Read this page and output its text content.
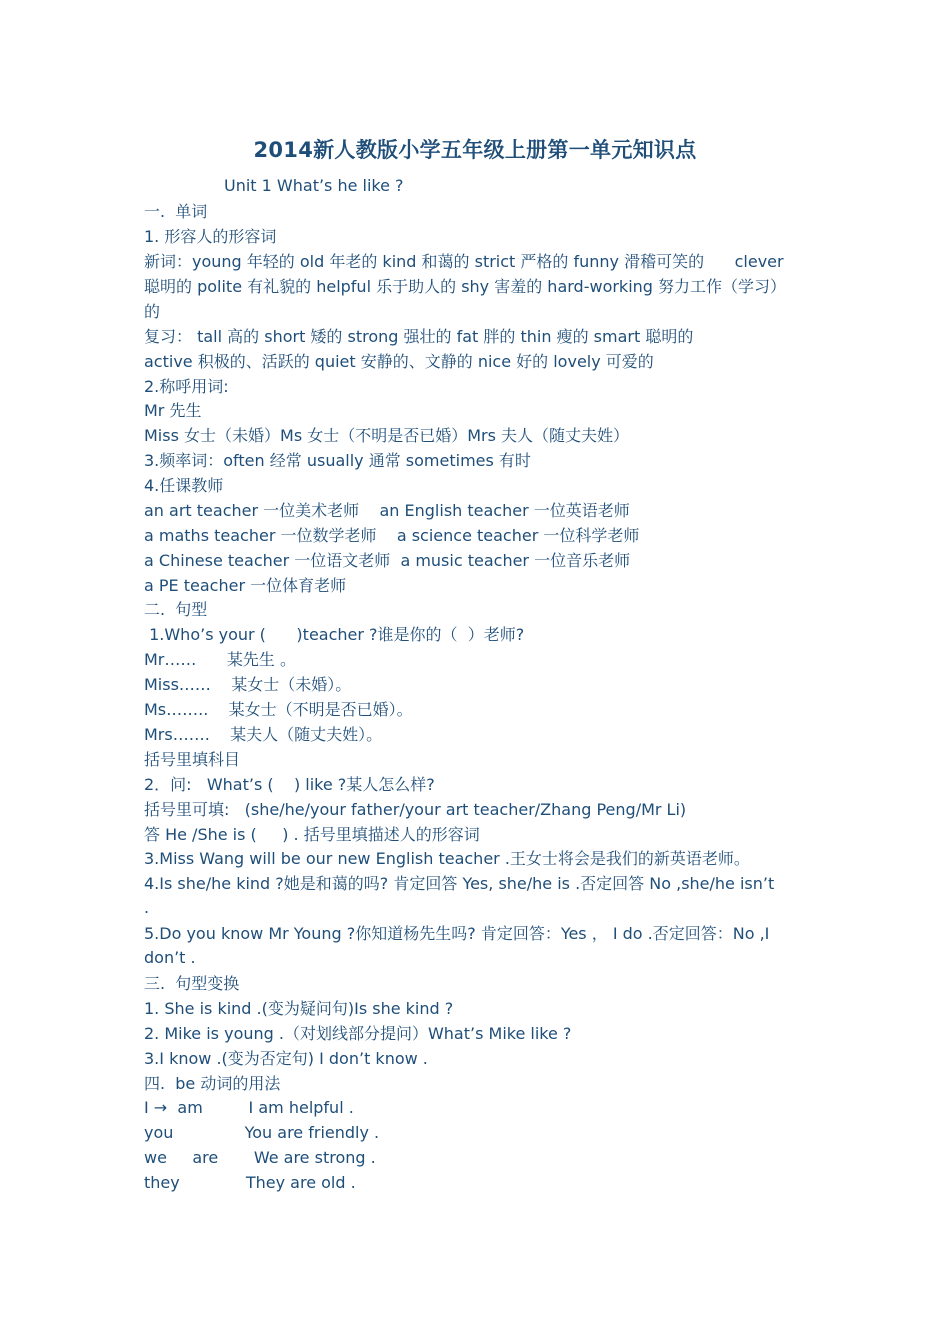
2014新人教版小学五年级上册第一单元知识点
Unit 1 What’s he like ?
一.  单词
1. 形容人的形容词
新词：young 年轻的 old 年老的 kind 和蔼的 strict 严格的 funny 滑稽可笑的      clever
聪明的 polite 有礼貌的 helpful 乐于助人的 shy 害羞的 hard-working 努力工作（学习）
的
复习： tall 高的 short 矮的 strong 强壮的 fat 胖的 thin 瘦的 smart 聪明的
active 积极的、活跃的 quiet 安静的、文静的 nice 好的 lovely 可爱的
2.称呼用词:
Mr 先生
Miss 女士（未婚）Ms 女士（不明是否已婚）Mrs 夫人（随丈夫姓）
3.频率词：often 经常 usually 通常 sometimes 有时
4.任课教师
an art teacher 一位美术老师    an English teacher 一位英语老师
a maths teacher 一位数学老师    a science teacher 一位科学老师
a Chinese teacher 一位语文老师  a music teacher 一位音乐老师
a PE teacher 一位体育老师
二.  句型
1.Who’s your (      )teacher ?谁是你的（  ）老师?
Mr……      某先生 。
Miss……    某女士（未婚）。
Ms……..    某女士（不明是否已婚）。
Mrs…….    某夫人（随丈夫姓）。
括号里填科目
2．问:   What’s (    ) like ?某人怎么样?
括号里可填:   (she/he/your father/your art teacher/Zhang Peng/Mr Li)
答 He /She is (     ) . 括号里填描述人的形容词
3.Miss Wang will be our new English teacher .王女士将会是我们的新英语老师。
4.Is she/he kind ?她是和蔼的吗? 肯定回答 Yes, she/he is .否定回答 No ,she/he isn’t
.
5.Do you know Mr Young ?你知道杨先生吗? 肯定回答：Yes ， I do .否定回答：No ,I
don’t .
三.  句型变换
1. She is kind .(变为疑问句)Is she kind ?
2. Mike is young .（对划线部分提问）What’s Mike like ?
3.I know .(变为否定句) I don’t know .
四.  be 动词的用法
I →  am         I am helpful .
you              You are friendly .
we     are       We are strong .
they             They are old .
